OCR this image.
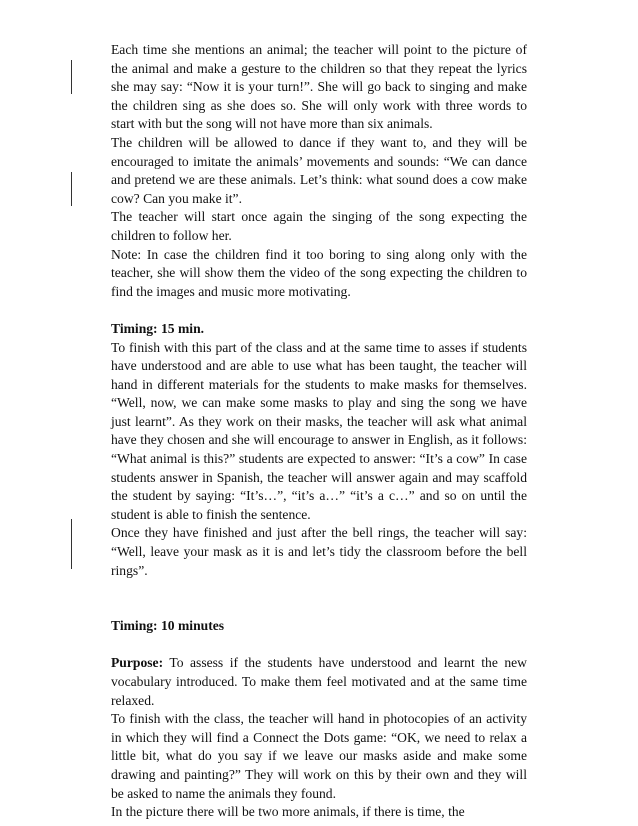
Each time she mentions an animal; the teacher will point to the picture of the animal and make a gesture to the children so that they repeat the lyrics she may say: “Now it is your turn!”. She will go back to singing and make the children sing as she does so. She will only work with three words to start with but the song will not have more than six animals.

The children will be allowed to dance if they want to, and they will be encouraged to imitate the animals’ movements and sounds: “We can dance and pretend we are these animals. Let’s think: what sound does a cow make cow? Can you make it”.

The teacher will start once again the singing of the song expecting the children to follow her.

Note: In case the children find it too boring to sing along only with the teacher, she will show them the video of the song expecting the children to find the images and music more motivating.

Timing: 15 min.

To finish with this part of the class and at the same time to asses if students have understood and are able to use what has been taught, the teacher will hand in different materials for the students to make masks for themselves. “Well, now, we can make some masks to play and sing the song we have just learnt”. As they work on their masks, the teacher will ask what animal have they chosen and she will encourage to answer in English, as it follows: “What animal is this?” students are expected to answer: “It’s a cow” In case students answer in Spanish, the teacher will answer again and may scaffold the student by saying: “It’s…”, “it’s a…” “it’s a c…” and so on until the student is able to finish the sentence.

Once they have finished and just after the bell rings, the teacher will say: “Well, leave your mask as it is and let’s tidy the classroom before the bell rings”.

Timing: 10 minutes

Purpose: To assess if the students have understood and learnt the new vocabulary introduced. To make them feel motivated and at the same time relaxed.

To finish with the class, the teacher will hand in photocopies of an activity in which they will find a Connect the Dots game: “OK, we need to relax a little bit, what do you say if we leave our masks aside and make some drawing and painting?” They will work on this by their own and they will be asked to name the animals they found.

In the picture there will be two more animals, if there is time, the
